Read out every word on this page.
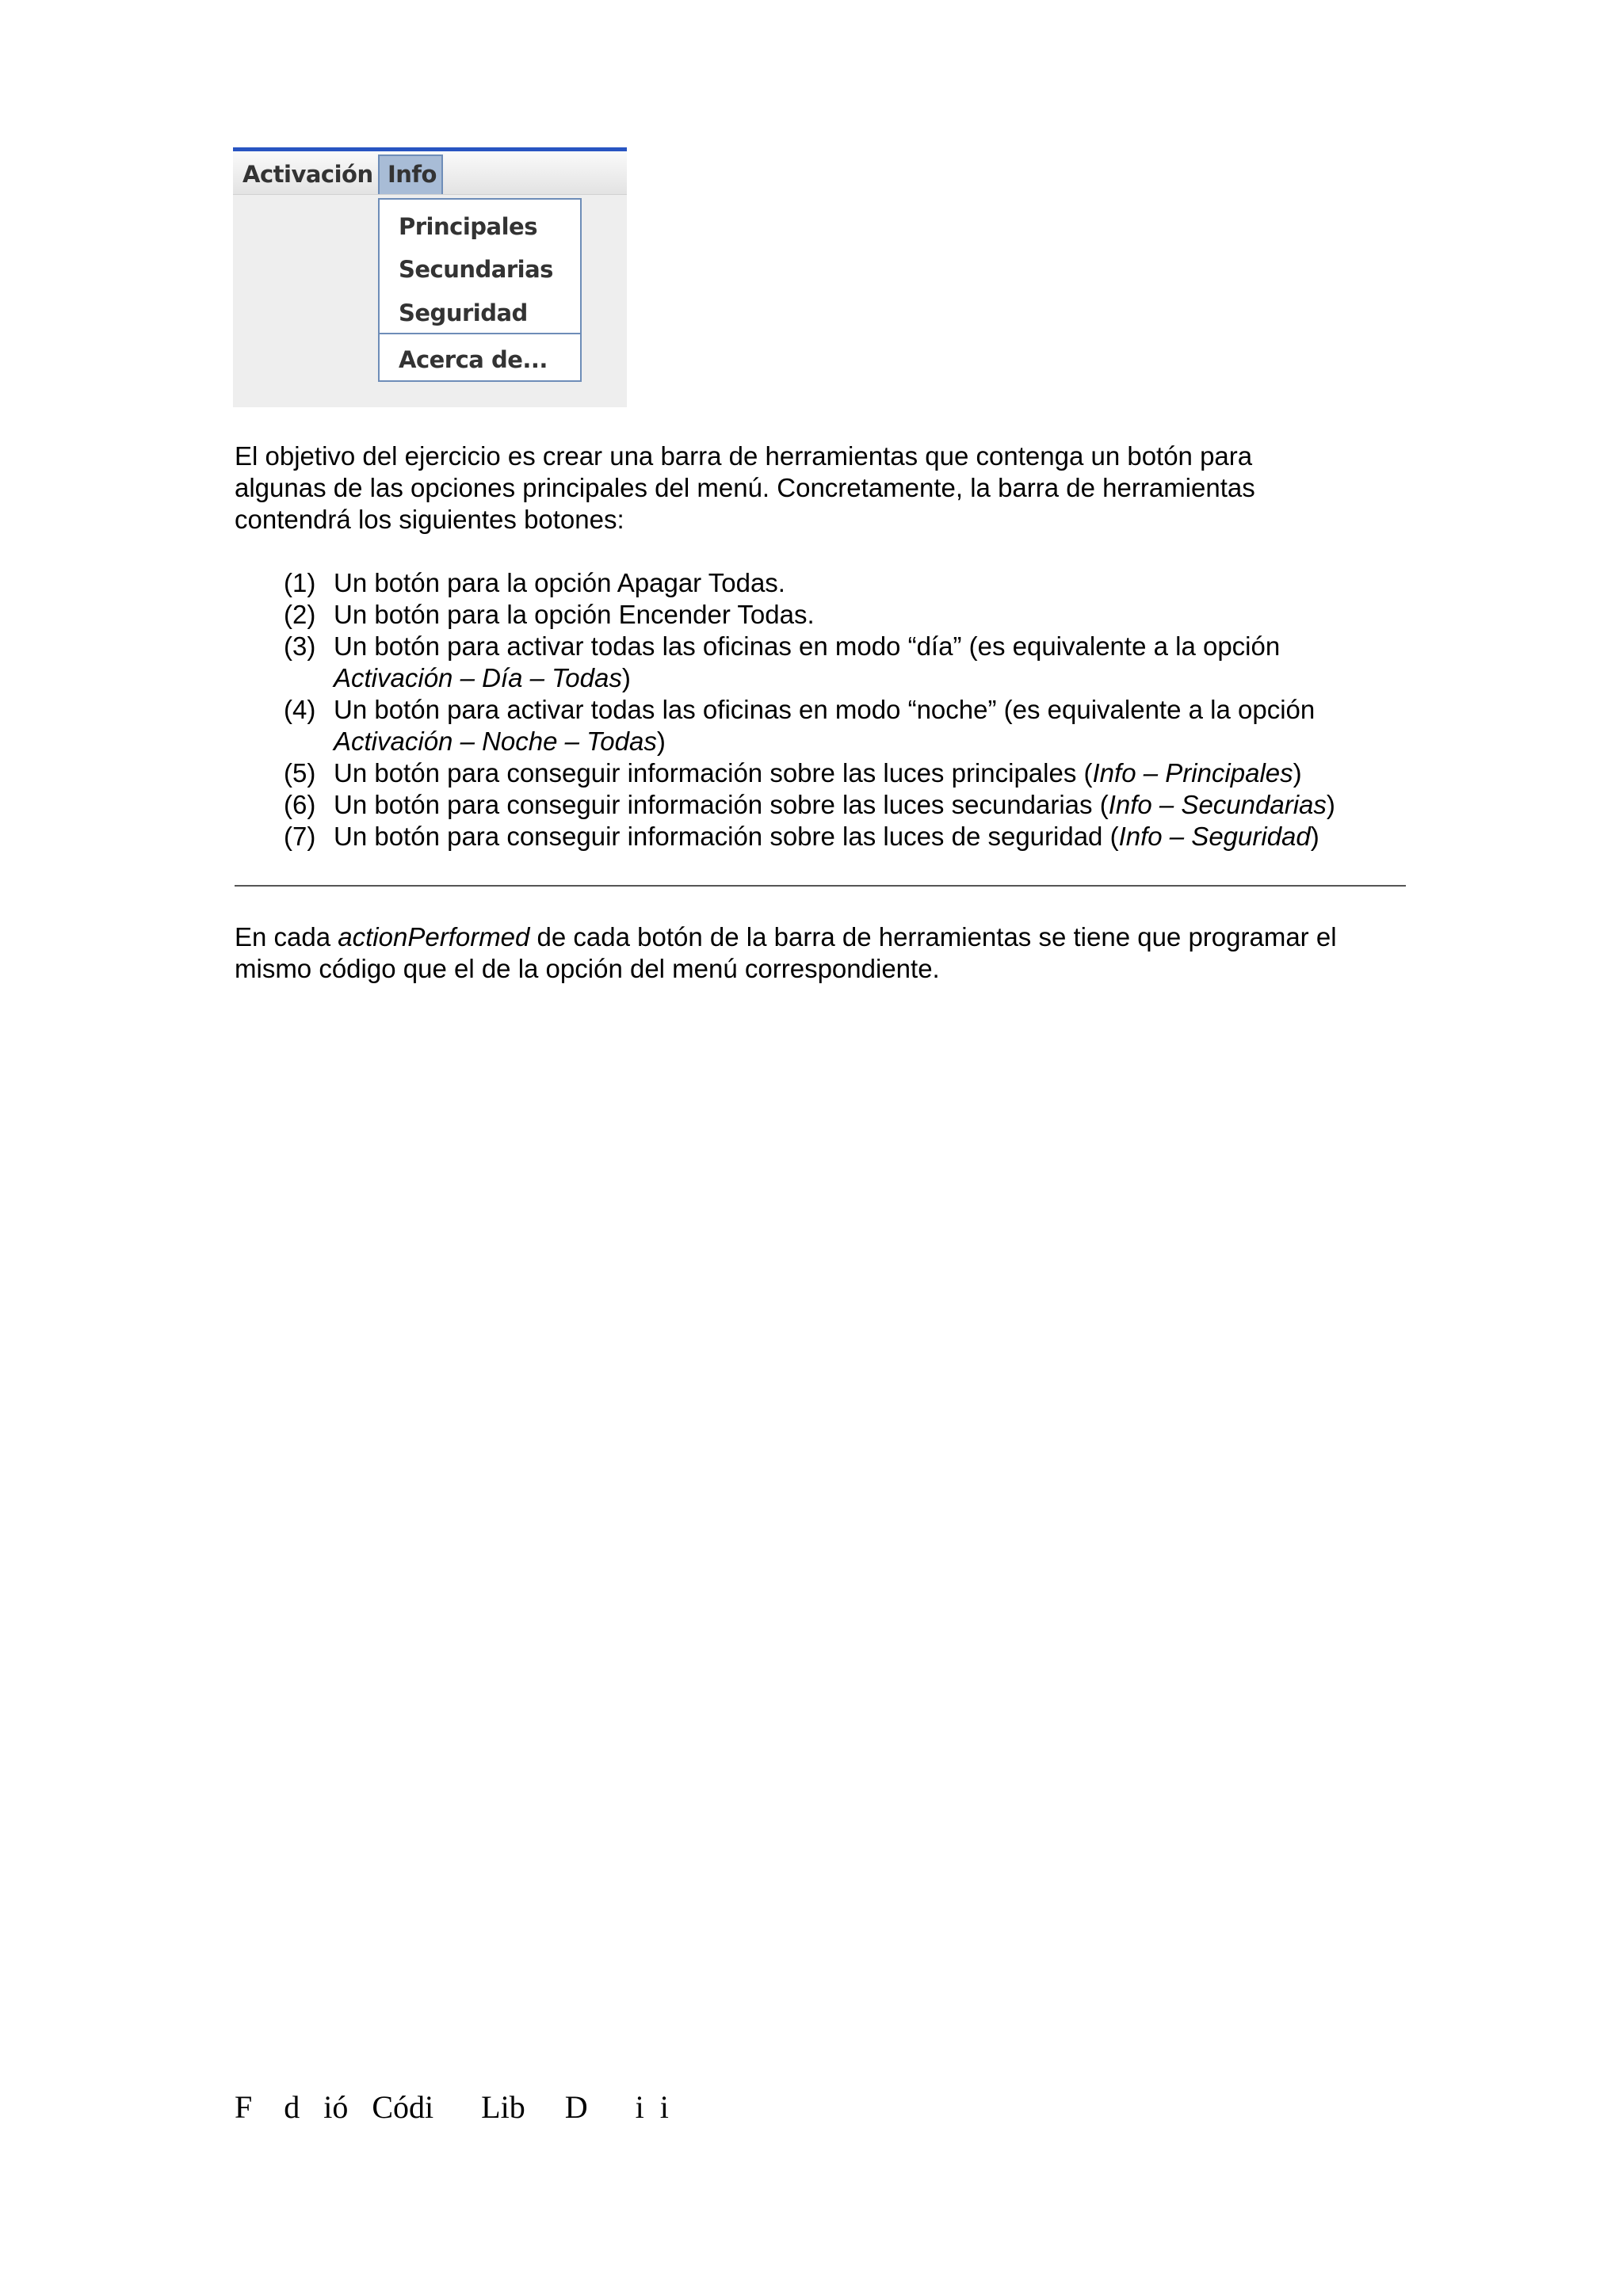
Activación Info
Principales
Secundarias
Seguridad
Acerca de...
El objetivo del ejercicio es crear una barra de herramientas que contenga un botón para
algunas de las opciones principales del menú. Concretamente, la barra de herramientas
contendrá los siguientes botones:
(1) Un botón para la opción Apagar Todas.
(2) Un botón para la opción Encender Todas.
(3) Un botón para activar todas las oficinas en modo “día” (es equivalente a la opción
Activación – Día – Todas)
(4) Un botón para activar todas las oficinas en modo “noche” (es equivalente a la opción
Activación – Noche – Todas)
(5) Un botón para conseguir información sobre las luces principales (Info – Principales)
(6) Un botón para conseguir información sobre las luces secundarias (Info – Secundarias)
(7) Un botón para conseguir información sobre las luces de seguridad (Info – Seguridad)
En cada actionPerformed de cada botón de la barra de herramientas se tiene que programar el
mismo código que el de la opción del menú correspondiente.
F    d   ió   Códi      Lib     D      i  i
